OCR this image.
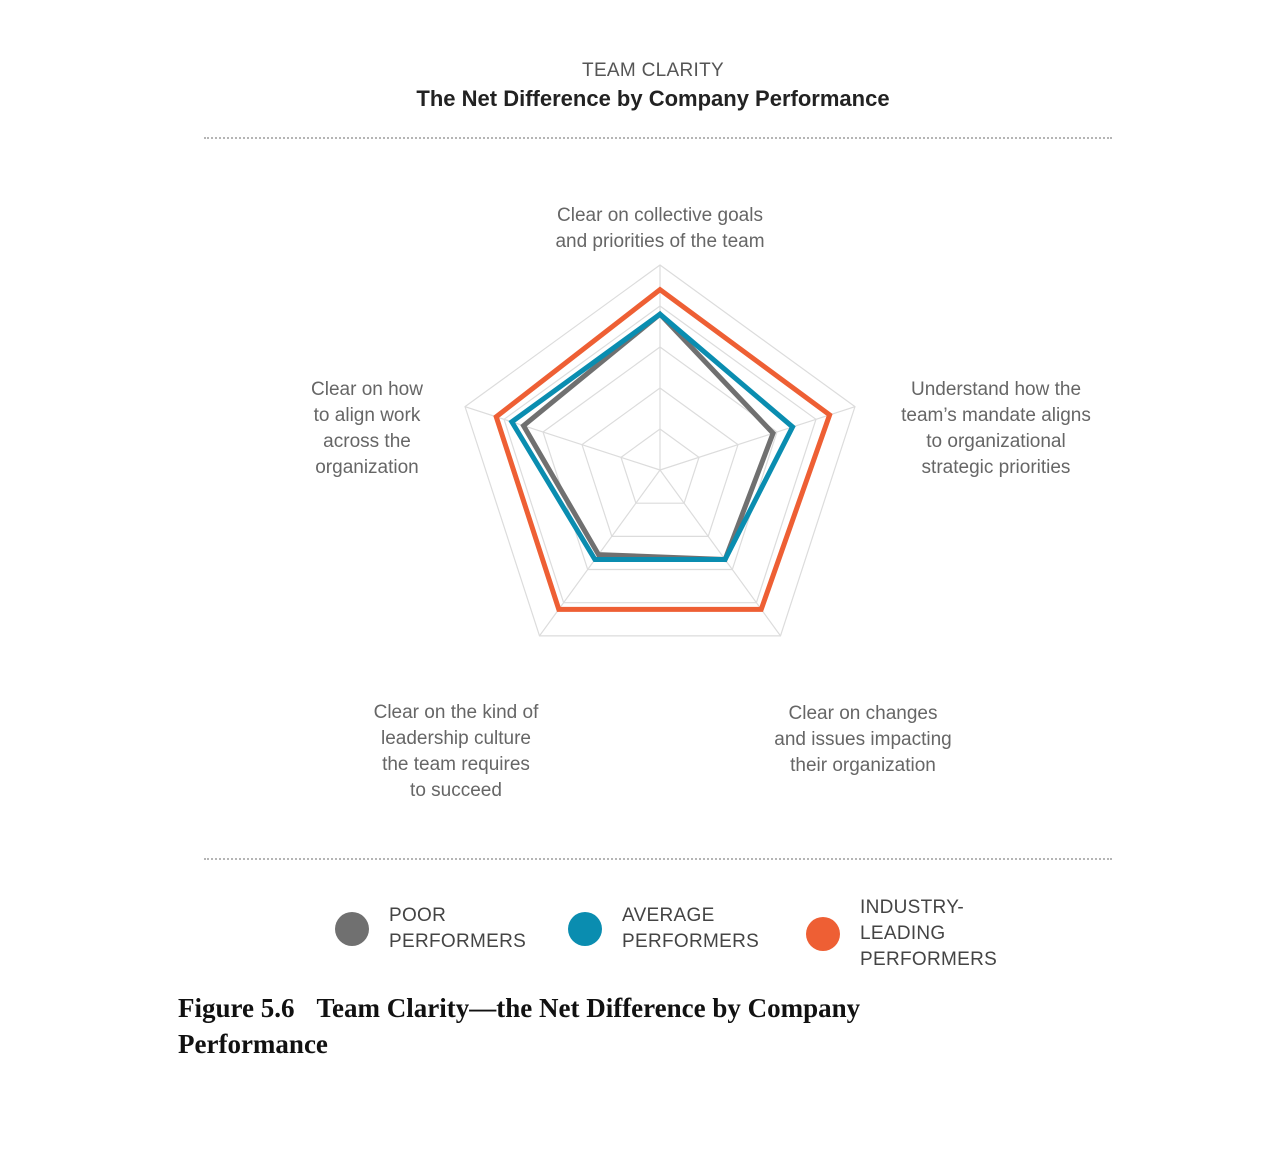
TEAM CLARITY
The Net Difference by Company Performance
Clear on collective goals and priorities of the team
Understand how the team’s mandate aligns to organizational strategic priorities
Clear on changes and issues impacting their organization
Clear on the kind of leadership culture the team requires to succeed
Clear on how to align work across the organization
POOR
PERFORMERS
AVERAGE
PERFORMERS
INDUSTRY-
LEADING
PERFORMERS
Figure 5.6 Team Clarity—the Net Difference by Company Performance
